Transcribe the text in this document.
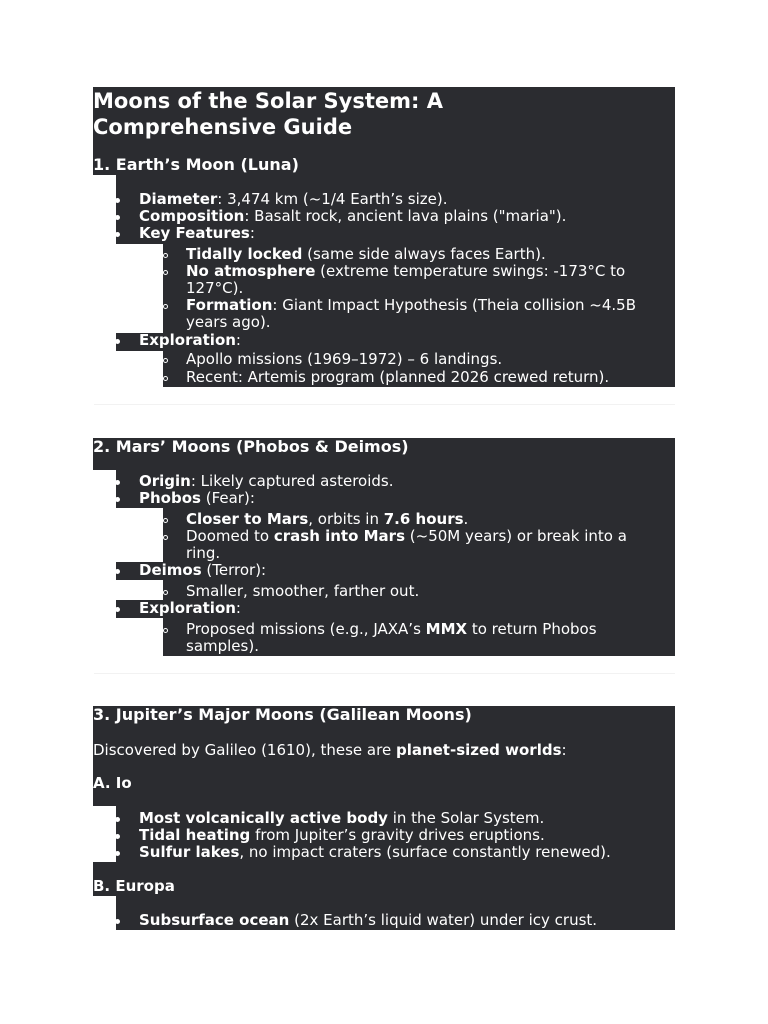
Moons of the Solar System: A
Comprehensive Guide
1. Earth’s Moon (Luna)
Diameter: 3,474 km (~1/4 Earth’s size).
Composition: Basalt rock, ancient lava plains ("maria").
Key Features:
Tidally locked (same side always faces Earth).
No atmosphere (extreme temperature swings: -173°C to
127°C).
Formation: Giant Impact Hypothesis (Theia collision ~4.5B
years ago).
Exploration:
Apollo missions (1969–1972) – 6 landings.
Recent: Artemis program (planned 2026 crewed return).
2. Mars’ Moons (Phobos & Deimos)
Origin: Likely captured asteroids.
Phobos (Fear):
Closer to Mars, orbits in 7.6 hours.
Doomed to crash into Mars (~50M years) or break into a
ring.
Deimos (Terror):
Smaller, smoother, farther out.
Exploration:
Proposed missions (e.g., JAXA’s MMX to return Phobos
samples).
3. Jupiter’s Major Moons (Galilean Moons)
Discovered by Galileo (1610), these are planet-sized worlds:
A. Io
Most volcanically active body in the Solar System.
Tidal heating from Jupiter’s gravity drives eruptions.
Sulfur lakes, no impact craters (surface constantly renewed).
B. Europa
Subsurface ocean (2x Earth’s liquid water) under icy crust.
